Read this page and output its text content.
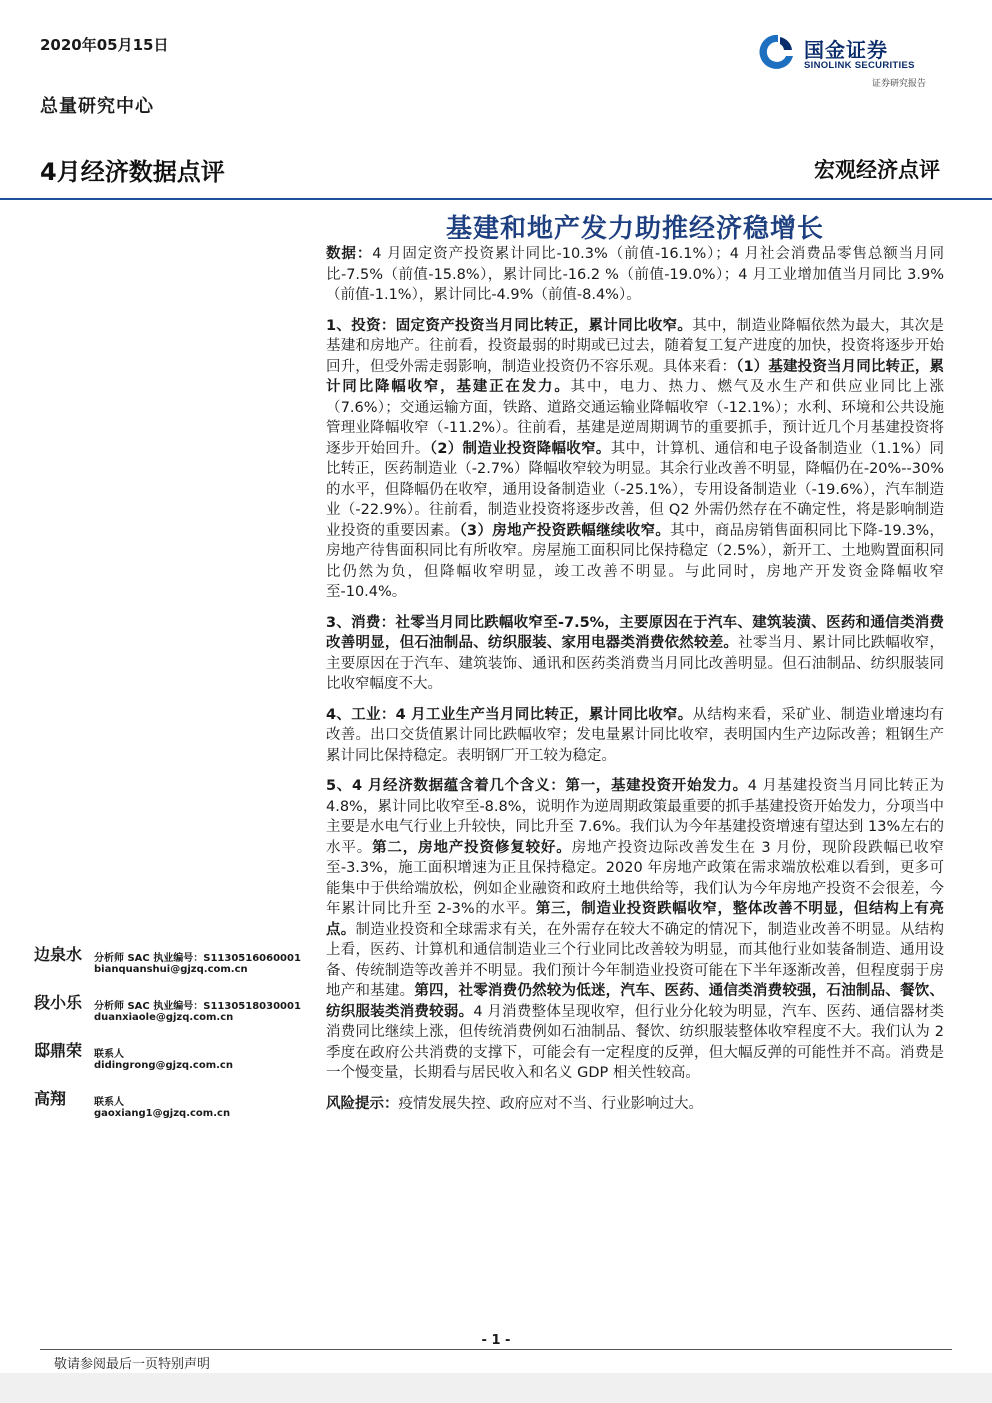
2020年05月15日
总量研究中心
国金证券
SINOLINK SECURITIES
证券研究报告
4月经济数据点评	宏观经济点评
基建和地产发力助推经济稳增长

数据：4 月固定资产投资累计同比-10.3%（前值-16.1%）；4 月社会消费品零售总额当月同比-7.5%（前值-15.8%），累计同比-16.2 %（前值-19.0%）；4 月工业增加值当月同比 3.9%（前值-1.1%），累计同比-4.9%（前值-8.4%）。

1、投资：固定资产投资当月同比转正，累计同比收窄。其中，制造业降幅依然为最大，其次是基建和房地产。往前看，投资最弱的时期或已过去，随着复工复产进度的加快，投资将逐步开始回升，但受外需走弱影响，制造业投资仍不容乐观。具体来看：（1）基建投资当月同比转正，累计同比降幅收窄，基建正在发力。其中，电力、热力、燃气及水生产和供应业同比上涨（7.6%）；交通运输方面，铁路、道路交通运输业降幅收窄（-12.1%）；水利、环境和公共设施管理业降幅收窄（-11.2%）。往前看，基建是逆周期调节的重要抓手，预计近几个月基建投资将逐步开始回升。（2）制造业投资降幅收窄。其中，计算机、通信和电子设备制造业（1.1%）同比转正，医药制造业（-2.7%）降幅收窄较为明显。其余行业改善不明显，降幅仍在-20%--30%的水平，但降幅仍在收窄，通用设备制造业（-25.1%），专用设备制造业（-19.6%），汽车制造业（-22.9%）。往前看，制造业投资将逐步改善，但 Q2 外需仍然存在不确定性，将是影响制造业投资的重要因素。（3）房地产投资跌幅继续收窄。其中，商品房销售面积同比下降-19.3%，房地产待售面积同比有所收窄。房屋施工面积同比保持稳定（2.5%），新开工、土地购置面积同比仍然为负，但降幅收窄明显，竣工改善不明显。与此同时，房地产开发资金降幅收窄至-10.4%。

3、消费：社零当月同比跌幅收窄至-7.5%，主要原因在于汽车、建筑装潢、医药和通信类消费改善明显，但石油制品、纺织服装、家用电器类消费依然较差。社零当月、累计同比跌幅收窄，主要原因在于汽车、建筑装饰、通讯和医药类消费当月同比改善明显。但石油制品、纺织服装同比收窄幅度不大。

4、工业：4 月工业生产当月同比转正，累计同比收窄。从结构来看，采矿业、制造业增速均有改善。出口交货值累计同比跌幅收窄；发电量累计同比收窄，表明国内生产边际改善；粗钢生产累计同比保持稳定。表明钢厂开工较为稳定。

5、4 月经济数据蕴含着几个含义：第一，基建投资开始发力。4 月基建投资当月同比转正为 4.8%，累计同比收窄至-8.8%，说明作为逆周期政策最重要的抓手基建投资开始发力，分项当中主要是水电气行业上升较快，同比升至 7.6%。我们认为今年基建投资增速有望达到 13%左右的水平。第二，房地产投资修复较好。房地产投资边际改善发生在 3 月份，现阶段跌幅已收窄至-3.3%，施工面积增速为正且保持稳定。2020 年房地产政策在需求端放松难以看到，更多可能集中于供给端放松，例如企业融资和政府土地供给等，我们认为今年房地产投资不会很差，今年累计同比升至 2-3%的水平。第三，制造业投资跌幅收窄，整体改善不明显，但结构上有亮点。制造业投资和全球需求有关，在外需存在较大不确定的情况下，制造业改善不明显。从结构上看，医药、计算机和通信制造业三个行业同比改善较为明显，而其他行业如装备制造、通用设备、传统制造等改善并不明显。我们预计今年制造业投资可能在下半年逐渐改善，但程度弱于房地产和基建。第四，社零消费仍然较为低迷，汽车、医药、通信类消费较强，石油制品、餐饮、纺织服装类消费较弱。4 月消费整体呈现收窄，但行业分化较为明显，汽车、医药、通信器材类消费同比继续上涨，但传统消费例如石油制品、餐饮、纺织服装整体收窄程度不大。我们认为 2 季度在政府公共消费的支撑下，可能会有一定程度的反弹，但大幅反弹的可能性并不高。消费是一个慢变量，长期看与居民收入和名义 GDP 相关性较高。

风险提示：疫情发展失控、政府应对不当、行业影响过大。

边泉水 分析师 SAC 执业编号：S1130516060001
bianquanshui@gjzq.com.cn
段小乐 分析师 SAC 执业编号：S1130518030001
duanxiaole@gjzq.com.cn
邸鼎荣 联系人
didingrong@gjzq.com.cn
高翔	联系人
gaoxiang1@gjzq.com.cn
- 1 -
敬请参阅最后一页特别声明
